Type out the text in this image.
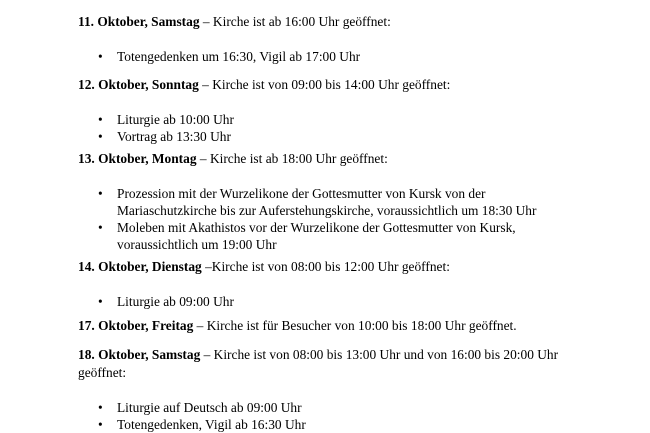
11. Oktober, Samstag – Kirche ist ab 16:00 Uhr geöffnet:

• Totengedenken um 16:30, Vigil ab 17:00 Uhr

12. Oktober, Sonntag – Kirche ist von 09:00 bis 14:00 Uhr geöffnet:

• Liturgie ab 10:00 Uhr
• Vortrag ab 13:30 Uhr

13. Oktober, Montag – Kirche ist ab 18:00 Uhr geöffnet:

• Prozession mit der Wurzelikone der Gottesmutter von Kursk von der
Mariaschutzkirche bis zur Auferstehungskirche, voraussichtlich um 18:30 Uhr
• Moleben mit Akathistos vor der Wurzelikone der Gottesmutter von Kursk,
voraussichtlich um 19:00 Uhr

14. Oktober, Dienstag –Kirche ist von 08:00 bis 12:00 Uhr geöffnet:

• Liturgie ab 09:00 Uhr

17. Oktober, Freitag – Kirche ist für Besucher von 10:00 bis 18:00 Uhr geöffnet.

18. Oktober, Samstag – Kirche ist von 08:00 bis 13:00 Uhr und von 16:00 bis 20:00 Uhr
geöffnet:

• Liturgie auf Deutsch ab 09:00 Uhr
• Totengedenken, Vigil ab 16:30 Uhr
